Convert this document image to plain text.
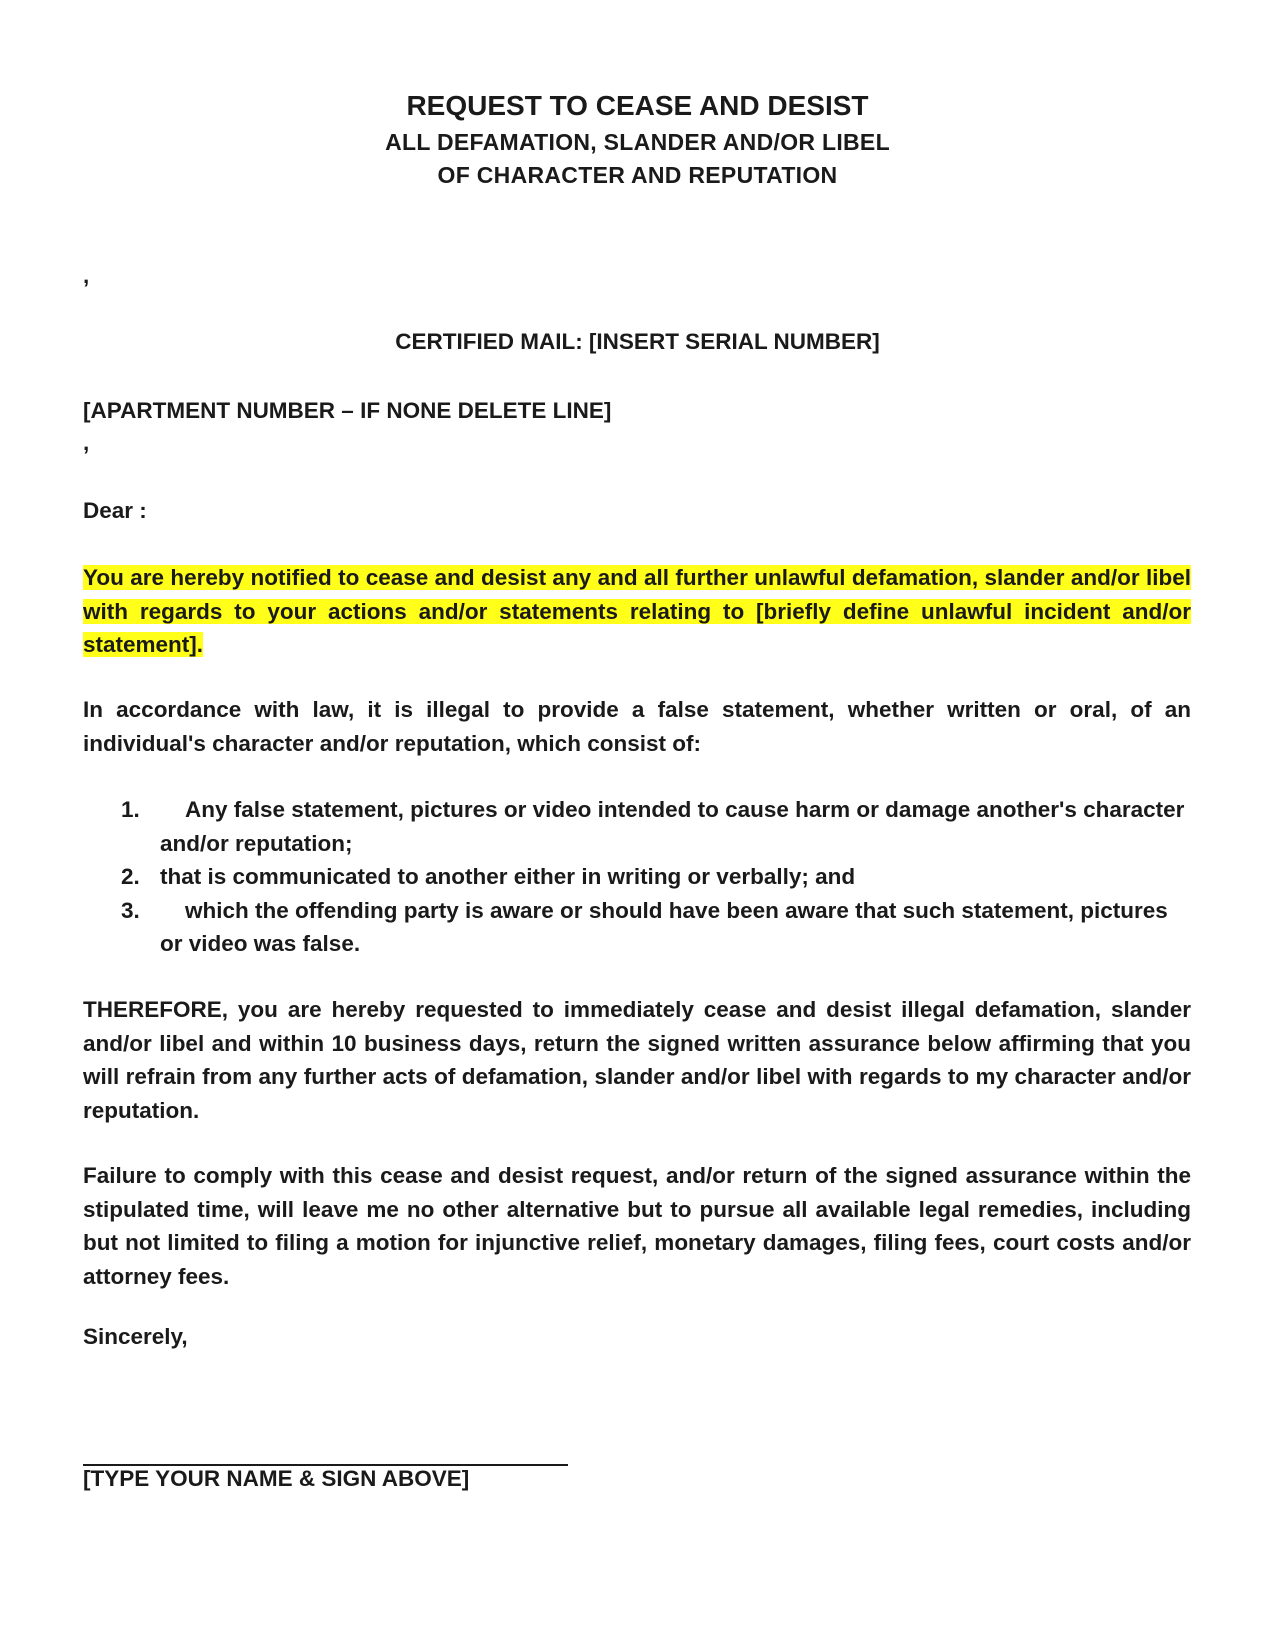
REQUEST TO CEASE AND DESIST

ALL DEFAMATION, SLANDER AND/OR LIBEL

OF CHARACTER AND REPUTATION

,

CERTIFIED MAIL: [INSERT SERIAL NUMBER]

[APARTMENT NUMBER – IF NONE DELETE LINE]

,

Dear :

You are hereby notified to cease and desist any and all further unlawful defamation, slander and/or libel with regards to your actions and/or statements relating to [briefly define unlawful incident and/or statement].

In accordance with law, it is illegal to provide a false statement, whether written or oral, of an individual's character and/or reputation, which consist of:

1. Any false statement, pictures or video intended to cause harm or damage another's character and/or reputation;
2. that is communicated to another either in writing or verbally; and
3. which the offending party is aware or should have been aware that such statement, pictures or video was false.

THEREFORE, you are hereby requested to immediately cease and desist illegal defamation, slander and/or libel and within 10 business days, return the signed written assurance below affirming that you will refrain from any further acts of defamation, slander and/or libel with regards to my character and/or reputation.

Failure to comply with this cease and desist request, and/or return of the signed assurance within the stipulated time, will leave me no other alternative but to pursue all available legal remedies, including but not limited to filing a motion for injunctive relief, monetary damages, filing fees, court costs and/or attorney fees.

Sincerely,

[TYPE YOUR NAME & SIGN ABOVE]
